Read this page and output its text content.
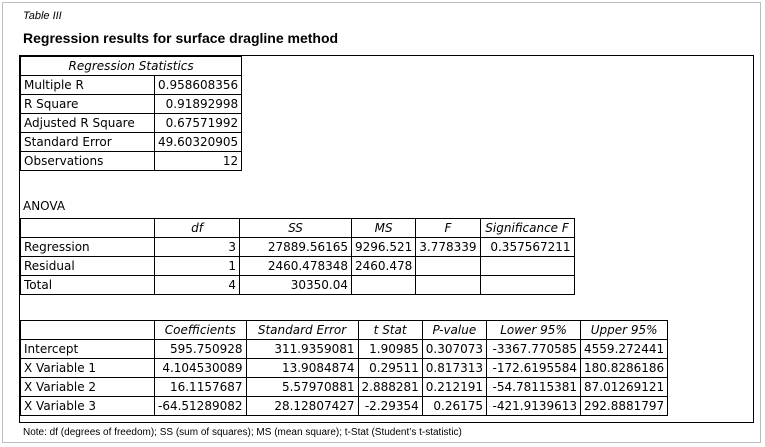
Table III
Regression results for surface dragline method
Regression Statistics	
Multiple R	0.958608356
R Square	0.91892998
Adjusted R Square	0.67571992
Standard Error	49.60320905
Observations	12
ANOVA
	df	SS	MS	F	Significance F
Regression	3	27889.56165	9296.521	3.778339	0.357567211
Residual	1	2460.478348	2460.478		
Total	4	30350.04			
	Coefficients	Standard Error	t Stat	P-value	Lower 95%	Upper 95%
Intercept	595.750928	311.9359081	1.90985	0.307073	-3367.770585	4559.272441
X Variable 1	4.104530089	13.9084874	0.29511	0.817313	-172.6195584	180.8286186
X Variable 2	16.1157687	5.57970881	2.888281	0.212191	-54.78115381	87.01269121
X Variable 3	-64.51289082	28.12807427	-2.29354	0.26175	-421.9139613	292.8881797
Note: df (degrees of freedom); SS (sum of squares); MS (mean square); t-Stat (Student’s t-statistic)
